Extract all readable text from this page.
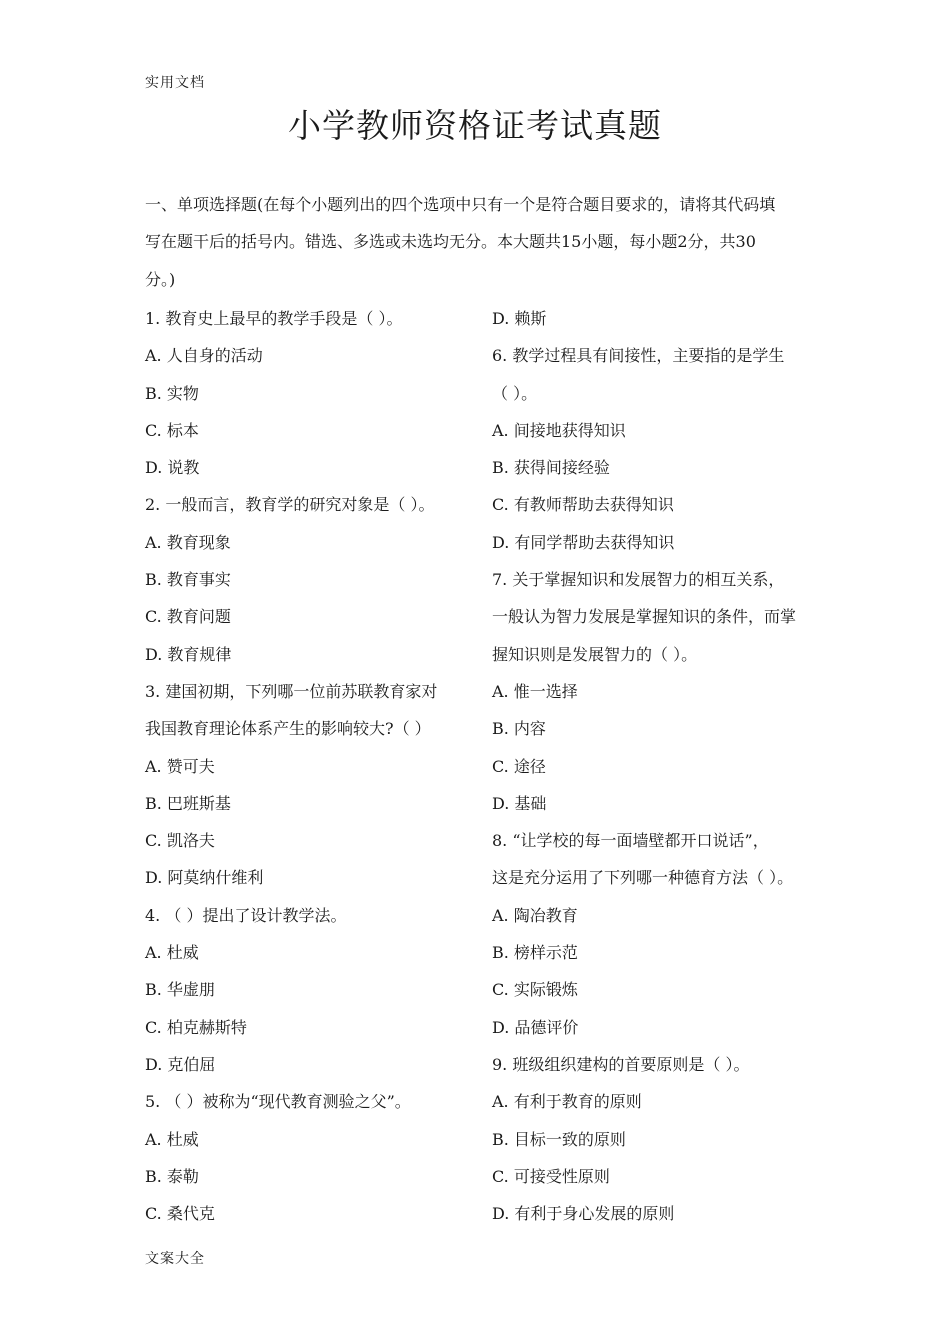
实用文档
小学教师资格证考试真题
一、单项选择题(在每个小题列出的四个选项中只有一个是符合题目要求的，请将其代码填
写在题干后的括号内。错选、多选或未选均无分。本大题共15小题，每小题2分，共30
分。)
1. 教育史上最早的教学手段是（ ）。
A. 人自身的活动
B. 实物
C. 标本
D. 说教
2. 一般而言，教育学的研究对象是（ ）。
A. 教育现象
B. 教育事实
C. 教育问题
D. 教育规律
3. 建国初期，下列哪一位前苏联教育家对
我国教育理论体系产生的影响较大?（ ）
A. 赞可夫
B. 巴班斯基
C. 凯洛夫
D. 阿莫纳什维利
4. （ ）提出了设计教学法。
A. 杜威
B. 华虚朋
C. 柏克赫斯特
D. 克伯屈
5. （ ）被称为“现代教育测验之父”。
A. 杜威
B. 泰勒
C. 桑代克
D. 赖斯
6. 教学过程具有间接性，主要指的是学生
（ ）。
A. 间接地获得知识
B. 获得间接经验
C. 有教师帮助去获得知识
D. 有同学帮助去获得知识
7. 关于掌握知识和发展智力的相互关系，
一般认为智力发展是掌握知识的条件，而掌
握知识则是发展智力的（ ）。
A. 惟一选择
B. 内容
C. 途径
D. 基础
8. “让学校的每一面墙壁都开口说话”，
这是充分运用了下列哪一种德育方法（ ）。
A. 陶冶教育
B. 榜样示范
C. 实际锻炼
D. 品德评价
9. 班级组织建构的首要原则是（ ）。
A. 有利于教育的原则
B. 目标一致的原则
C. 可接受性原则
D. 有利于身心发展的原则
文案大全
